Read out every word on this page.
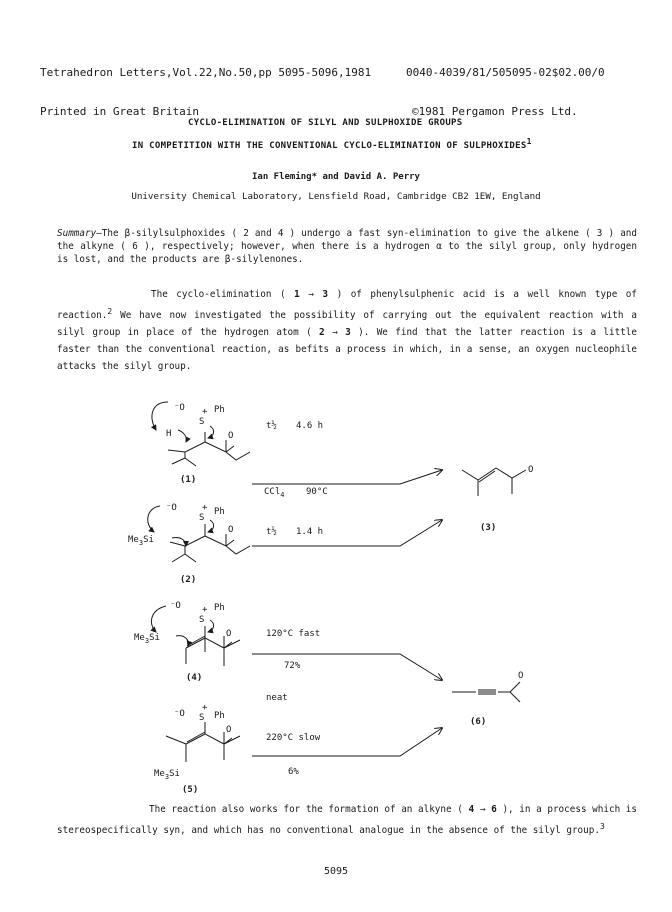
Tetrahedron Letters,Vol.22,No.50,pp 5095-5096,1981

Printed in Great Britain

0040-4039/81/505095-02$02.00/0

©1981 Pergamon Press Ltd.

CYCLO-ELIMINATION OF SILYL AND SULPHOXIDE GROUPS
IN COMPETITION WITH THE CONVENTIONAL CYCLO-ELIMINATION OF SULPHOXIDES1
Ian Fleming* and David A. Perry
University Chemical Laboratory, Lensfield Road, Cambridge CB2 1EW, England
Summary—The β-silylsulphoxides ( 2 and 4 ) undergo a fast syn-elimination to give the alkene ( 3 ) and the alkyne ( 6 ), respectively; however, when there is a hydrogen α to the silyl group, only hydrogen is lost, and the products are β-silylenones.
The cyclo-elimination ( 1 → 3 ) of phenylsulphenic acid is a well known type of reaction.2 We have now investigated the possibility of carrying out the equivalent reaction with a silyl group in place of the hydrogen atom ( 2 → 3 ). We find that the latter reaction is a little faster than the conventional reaction, as befits a process in which, in a sense, an oxygen nucleophile attacks the silyl group.
⁻O
S
+ Ph
H	O
(1)
⁻O
S
+ Ph
$Me_3Si$
O
(2)
⁻O
S
+ Ph
$Me_3Si$	O
(4)
⁻O S
+
Ph
O
$Me_3Si$
(5)
O
(3)
O
(6)
t½ 4.6 h
CCl$_4$ 90°C
t½ 1.4 h
120°C fast
72%
neat
220°C slow
6%
The reaction also works for the formation of an alkyne ( 4 → 6 ), in a process which is stereospecifically syn, and which has no conventional analogue in the absence of the silyl group.3
5095
